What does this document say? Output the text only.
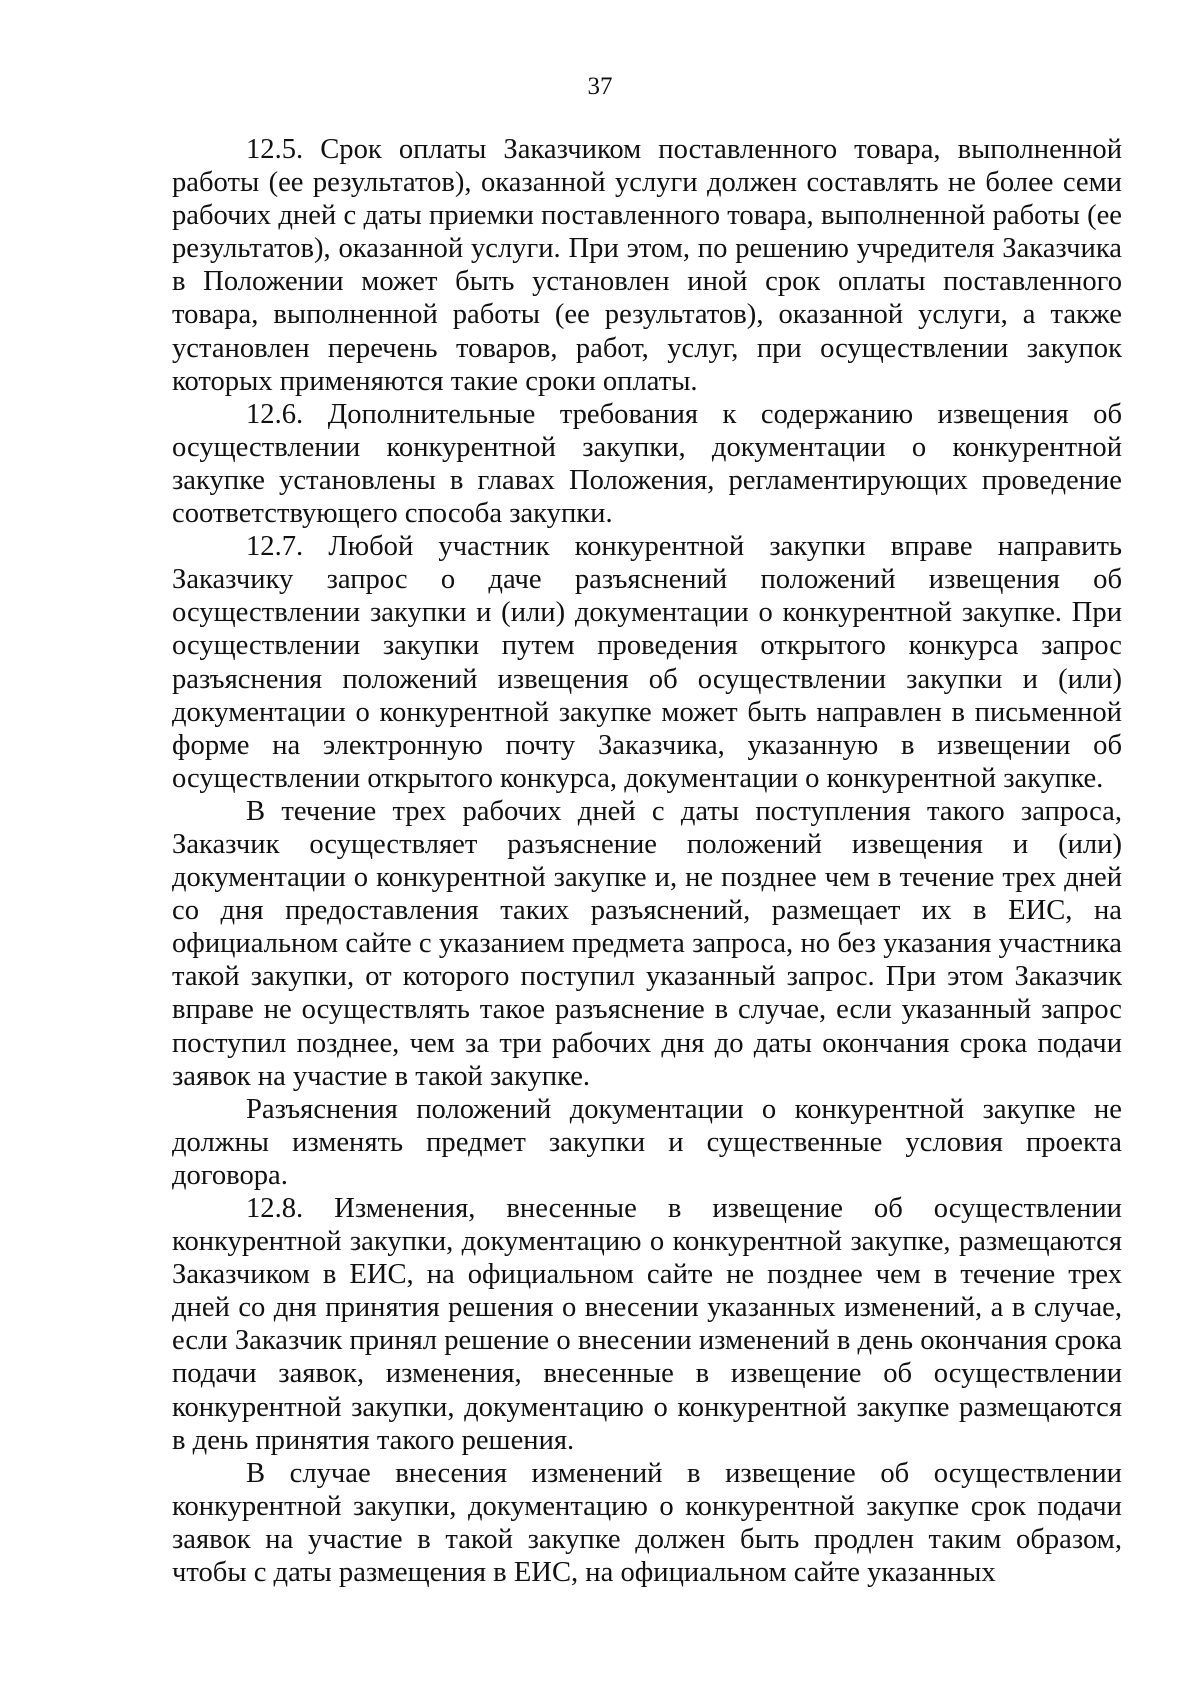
37

12.5. Срок оплаты Заказчиком поставленного товара, выполненной работы (ее результатов), оказанной услуги должен составлять не более семи рабочих дней с даты приемки поставленного товара, выполненной работы (ее результатов), оказанной услуги. При этом, по решению учредителя Заказчика в Положении может быть установлен иной срок оплаты поставленного товара, выполненной работы (ее результатов), оказанной услуги, а также установлен перечень товаров, работ, услуг, при осуществлении закупок которых применяются такие сроки оплаты.

12.6. Дополнительные требования к содержанию извещения об осуществлении конкурентной закупки, документации о конкурентной закупке установлены в главах Положения, регламентирующих проведение соответствующего способа закупки.

12.7. Любой участник конкурентной закупки вправе направить Заказчику запрос о даче разъяснений положений извещения об осуществлении закупки и (или) документации о конкурентной закупке. При осуществлении закупки путем проведения открытого конкурса запрос разъяснения положений извещения об осуществлении закупки и (или) документации о конкурентной закупке может быть направлен в письменной форме на электронную почту Заказчика, указанную в извещении об осуществлении открытого конкурса, документации о конкурентной закупке.

В течение трех рабочих дней с даты поступления такого запроса, Заказчик осуществляет разъяснение положений извещения и (или) документации о конкурентной закупке и, не позднее чем в течение трех дней со дня предоставления таких разъяснений, размещает их в ЕИС, на официальном сайте с указанием предмета запроса, но без указания участника такой закупки, от которого поступил указанный запрос. При этом Заказчик вправе не осуществлять такое разъяснение в случае, если указанный запрос поступил позднее, чем за три рабочих дня до даты окончания срока подачи заявок на участие в такой закупке.

Разъяснения положений документации о конкурентной закупке не должны изменять предмет закупки и существенные условия проекта договора.

12.8. Изменения, внесенные в извещение об осуществлении конкурентной закупки, документацию о конкурентной закупке, размещаются Заказчиком в ЕИС, на официальном сайте не позднее чем в течение трех дней со дня принятия решения о внесении указанных изменений, а в случае, если Заказчик принял решение о внесении изменений в день окончания срока подачи заявок, изменения, внесенные в извещение об осуществлении конкурентной закупки, документацию о конкурентной закупке размещаются в день принятия такого решения.

В случае внесения изменений в извещение об осуществлении конкурентной закупки, документацию о конкурентной закупке срок подачи заявок на участие в такой закупке должен быть продлен таким образом, чтобы с даты размещения в ЕИС, на официальном сайте указанных
